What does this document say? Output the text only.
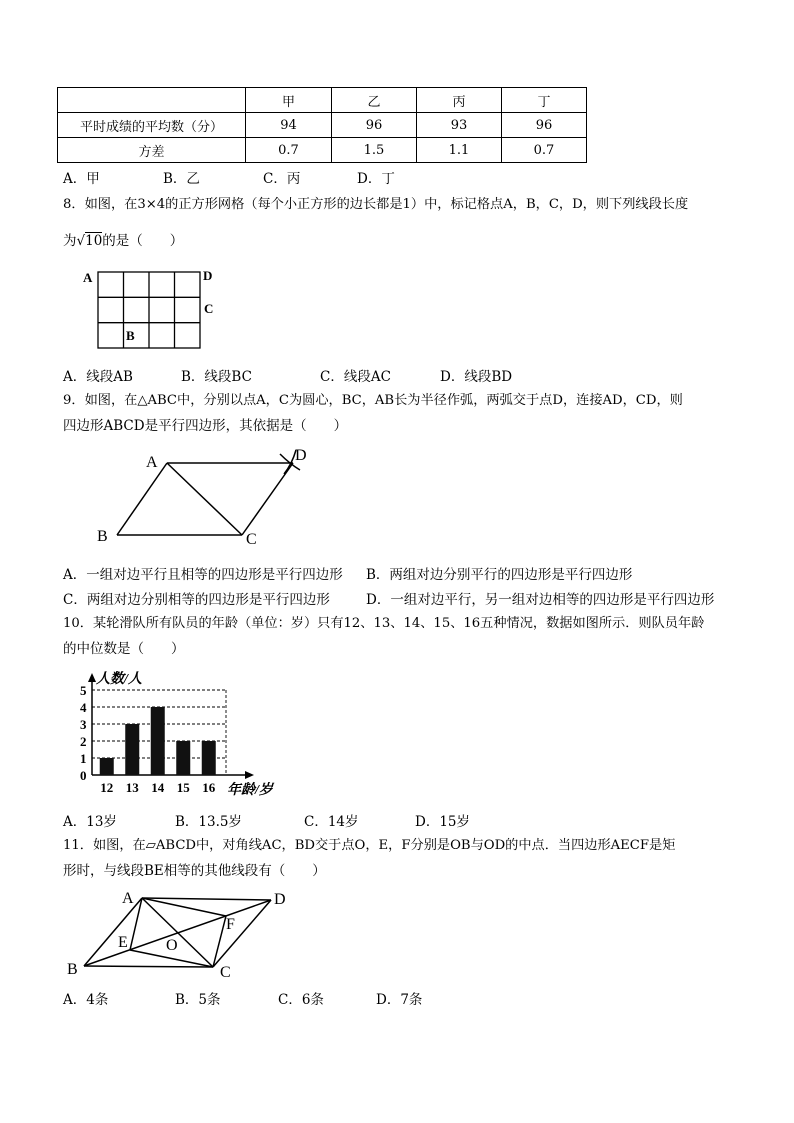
	甲	乙	丙	丁
平时成绩的平均数（分）	94	96	93	96
方差	0.7	1.5	1.1	0.7
A．甲	B．乙	C．丙	D．丁
8．如图，在3×4的正方形网格（每个小正方形的边长都是1）中，标记格点A，B，C，D，则下列线段长度
为√10的是（　　）
A	D
C
B
A．线段AB	B．线段BC	C．线段AC	D．线段BD
9．如图，在△ABC中，分别以点A，C为圆心，BC，AB长为半径作弧，两弧交于点D，连接AD，CD，则
四边形ABCD是平行四边形，其依据是（　　）
A	D
B	C
A．一组对边平行且相等的四边形是平行四边形 B．两组对边分别平行的四边形是平行四边形
C．两组对边分别相等的四边形是平行四边形	D．一组对边平行，另一组对边相等的四边形是平行四边形
10．某轮滑队所有队员的年龄（单位：岁）只有12、13、14、15、16五种情况，数据如图所示．则队员年龄
的中位数是（　　）
0
1
2
3
4
5
12 13 14 15 16
人数/人
年龄/岁
A．13岁	B．13.5岁	C．14岁	D．15岁
11．如图，在▱ABCD中，对角线AC，BD交于点O，E，F分别是OB与OD的中点．当四边形AECF是矩
形时，与线段BE相等的其他线段有（　　）
A	D
B	C
E
F
O
A．4条	B．5条	C．6条	D．7条
